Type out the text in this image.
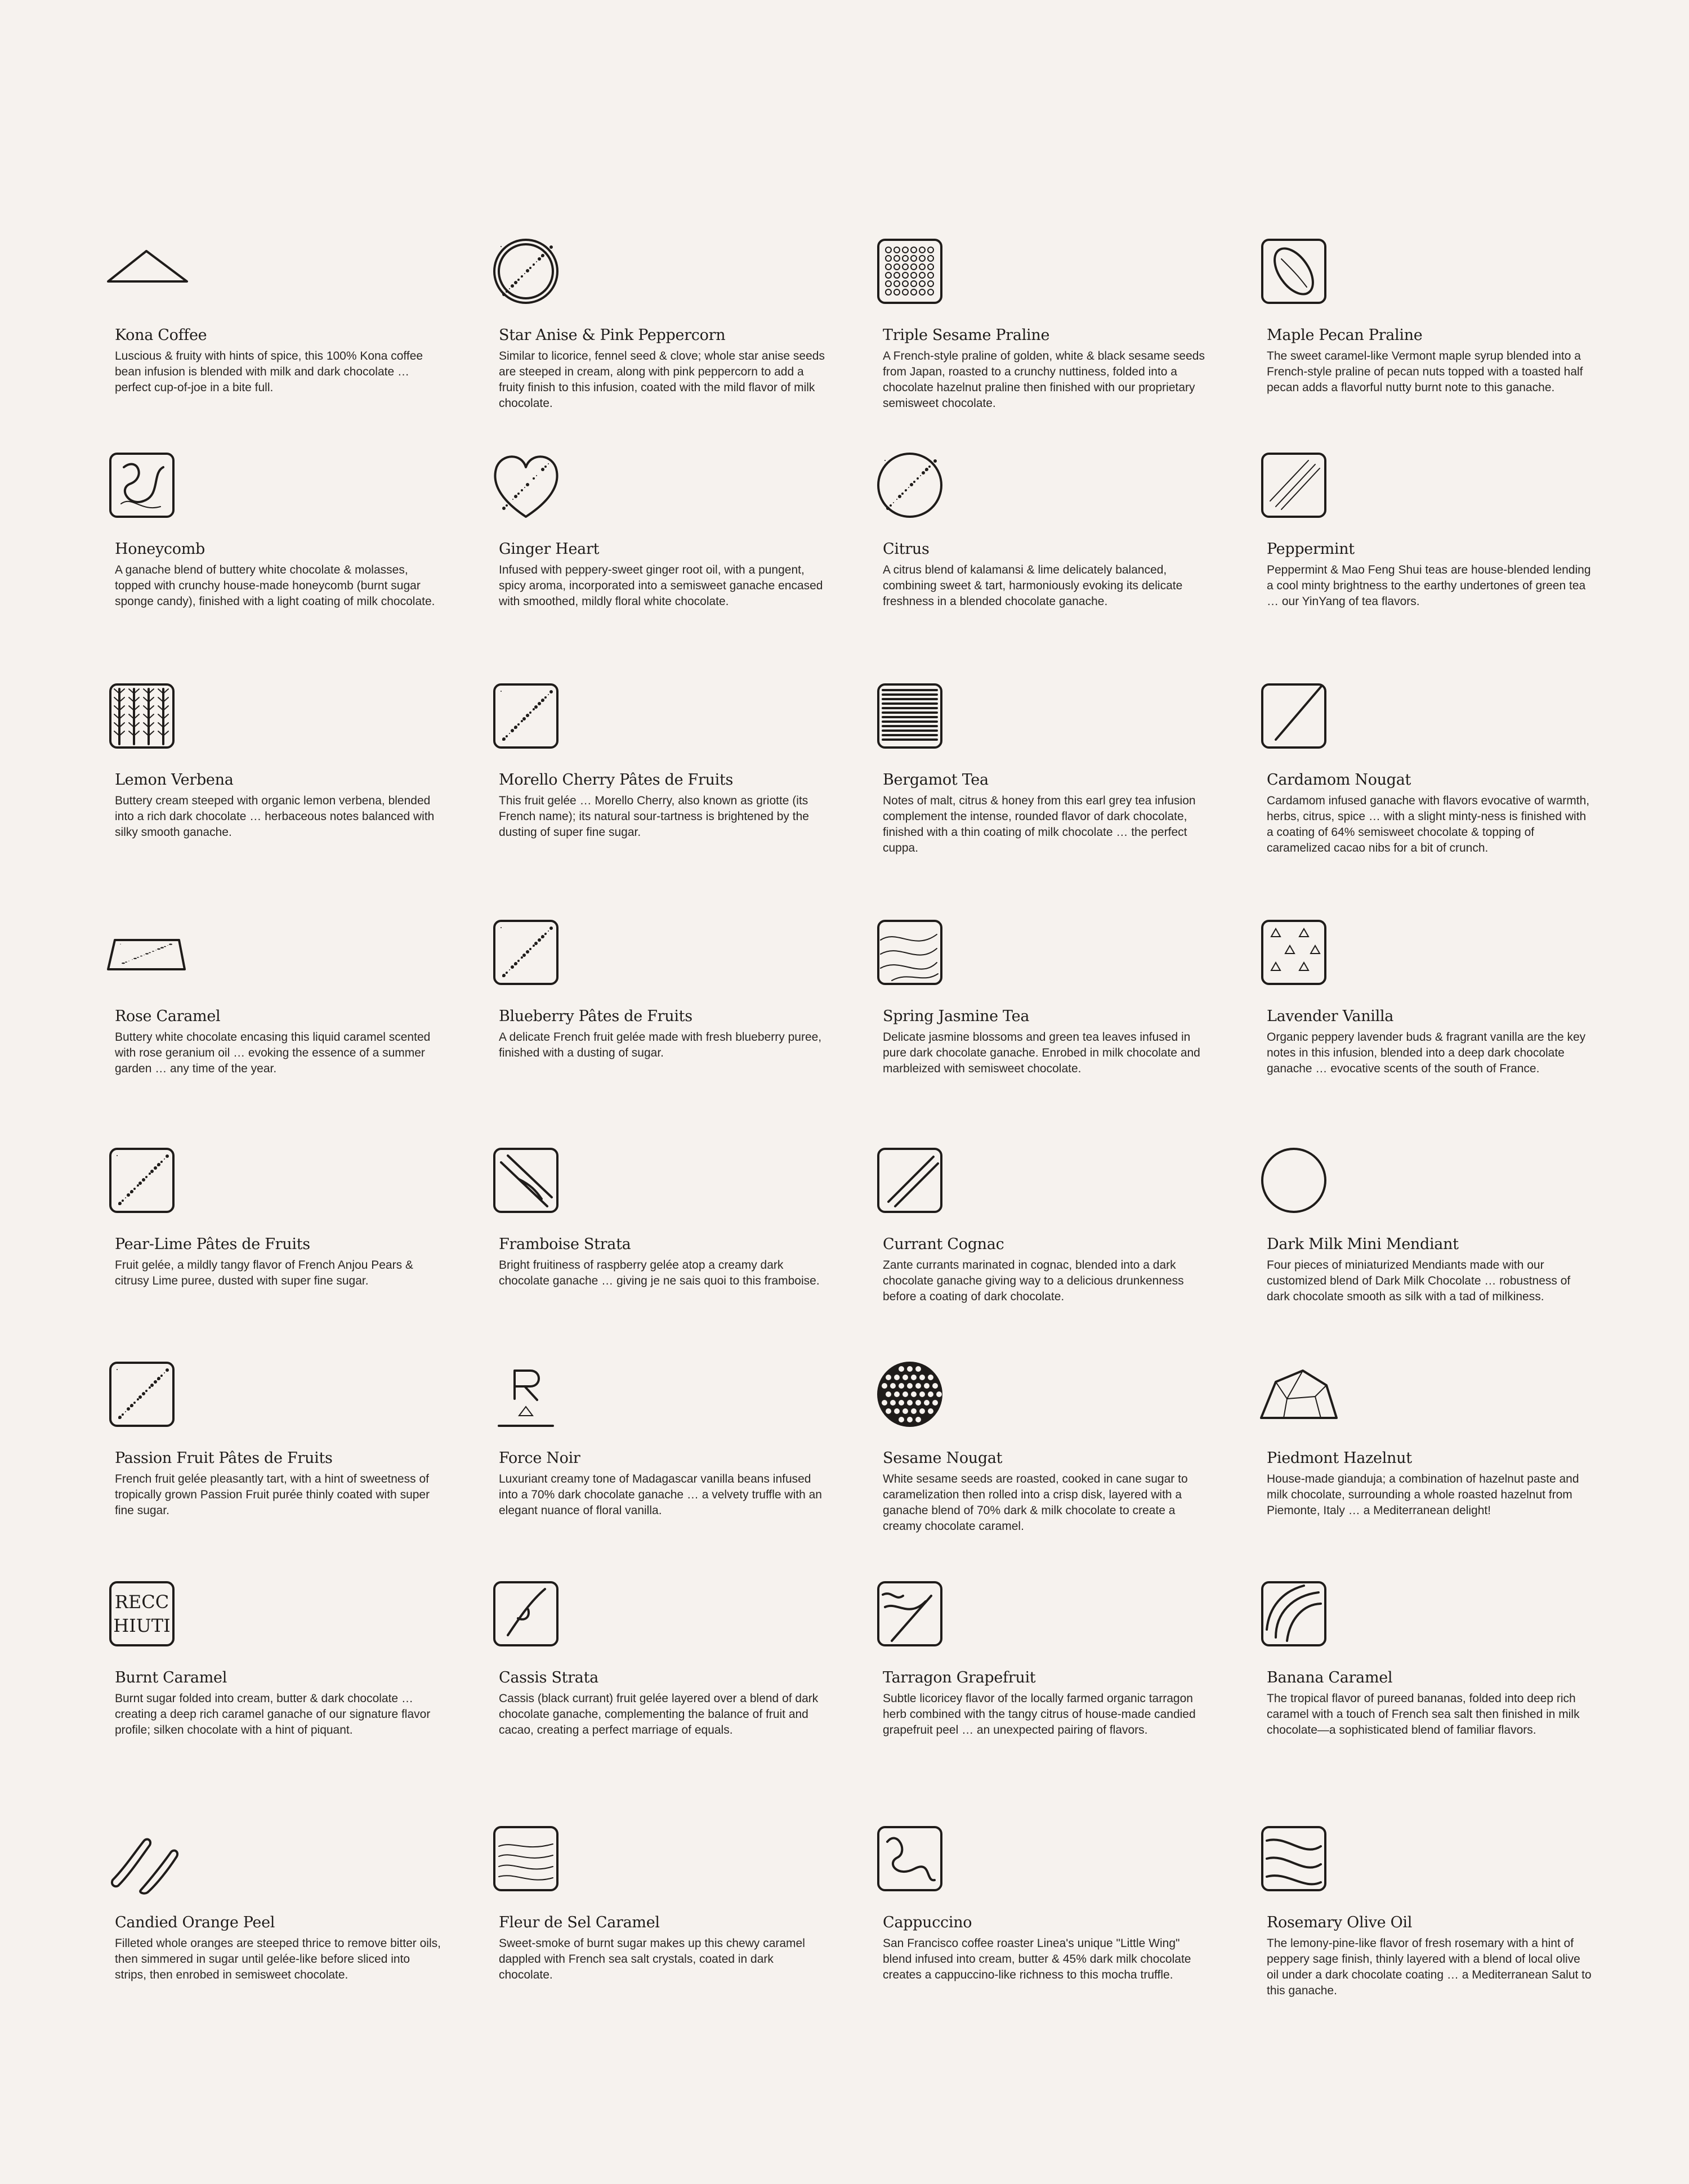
Kona Coffee
Luscious & fruity with hints of spice, this 100% Kona coffee bean infusion is blended with milk and dark chocolate … perfect cup-of-joe in a bite full.
Star Anise & Pink Peppercorn
Similar to licorice, fennel seed & clove; whole star anise seeds are steeped in cream, along with pink peppercorn to add a fruity finish to this infusion, coated with the mild flavor of milk chocolate.
Triple Sesame Praline
A French-style praline of golden, white & black sesame seeds from Japan, roasted to a crunchy nuttiness, folded into a chocolate hazelnut praline then finished with our proprietary semisweet chocolate.
Maple Pecan Praline
The sweet caramel-like Vermont maple syrup blended into a French-style praline of pecan nuts topped with a toasted half pecan adds a flavorful nutty burnt note to this ganache.
Honeycomb
A ganache blend of buttery white chocolate & molasses, topped with crunchy house-made honeycomb (burnt sugar sponge candy), finished with a light coating of milk chocolate.
Ginger Heart
Infused with peppery-sweet ginger root oil, with a pungent, spicy aroma, incorporated into a semisweet ganache encased with smoothed, mildly floral white chocolate.
Citrus
A citrus blend of kalamansi & lime delicately balanced, combining sweet & tart, harmoniously evoking its delicate freshness in a blended chocolate ganache.
Peppermint
Peppermint & Mao Feng Shui teas are house-blended lending a cool minty brightness to the earthy undertones of green tea … our YinYang of tea flavors.
Lemon Verbena
Buttery cream steeped with organic lemon verbena, blended into a rich dark chocolate … herbaceous notes balanced with silky smooth ganache.
Morello Cherry Pâtes de Fruits
This fruit gelée … Morello Cherry, also known as griotte (its French name); its natural sour-tartness is brightened by the dusting of super fine sugar.
Bergamot Tea
Notes of malt, citrus & honey from this earl grey tea infusion complement the intense, rounded flavor of dark chocolate, finished with a thin coating of milk chocolate … the perfect cuppa.
Cardamom Nougat
Cardamom infused ganache with flavors evocative of warmth, herbs, citrus, spice … with a slight minty-ness is finished with a coating of 64% semisweet chocolate & topping of caramelized cacao nibs for a bit of crunch.
Rose Caramel
Buttery white chocolate encasing this liquid caramel scented with rose geranium oil … evoking the essence of a summer garden … any time of the year.
Blueberry Pâtes de Fruits
A delicate French fruit gelée made with fresh blueberry puree, finished with a dusting of sugar.
Spring Jasmine Tea
Delicate jasmine blossoms and green tea leaves infused in pure dark chocolate ganache. Enrobed in milk chocolate and marbleized with semisweet chocolate.
Lavender Vanilla
Organic peppery lavender buds & fragrant vanilla are the key notes in this infusion, blended into a deep dark chocolate ganache … evocative scents of the south of France.
Pear-Lime Pâtes de Fruits
Fruit gelée, a mildly tangy flavor of French Anjou Pears & citrusy Lime puree, dusted with super fine sugar.
Framboise Strata
Bright fruitiness of raspberry gelée atop a creamy dark chocolate ganache … giving je ne sais quoi to this framboise.
Currant Cognac
Zante currants marinated in cognac, blended into a dark chocolate ganache giving way to a delicious drunkenness before a coating of dark chocolate.
Dark Milk Mini Mendiant
Four pieces of miniaturized Mendiants made with our customized blend of Dark Milk Chocolate … robustness of dark chocolate smooth as silk with a tad of milkiness.
Passion Fruit Pâtes de Fruits
French fruit gelée pleasantly tart, with a hint of sweetness of tropically grown Passion Fruit purée thinly coated with super fine sugar.
Force Noir
Luxuriant creamy tone of Madagascar vanilla beans infused into a 70% dark chocolate ganache … a velvety truffle with an elegant nuance of floral vanilla.
Sesame Nougat
White sesame seeds are roasted, cooked in cane sugar to caramelization then rolled into a crisp disk, layered with a ganache blend of 70% dark & milk chocolate to create a creamy chocolate caramel.
Piedmont Hazelnut
House-made gianduja; a combination of hazelnut paste and milk chocolate, surrounding a whole roasted hazelnut from Piemonte, Italy … a Mediterranean delight!
RECC
HIUTI
Burnt Caramel
Burnt sugar folded into cream, butter & dark chocolate … creating a deep rich caramel ganache of our signature flavor profile; silken chocolate with a hint of piquant.
Cassis Strata
Cassis (black currant) fruit gelée layered over a blend of dark chocolate ganache, complementing the balance of fruit and cacao, creating a perfect marriage of equals.
Tarragon Grapefruit
Subtle licoricey flavor of the locally farmed organic tarragon herb combined with the tangy citrus of house-made candied grapefruit peel … an unexpected pairing of flavors.
Banana Caramel
The tropical flavor of pureed bananas, folded into deep rich caramel with a touch of French sea salt then finished in milk chocolate—a sophisticated blend of familiar flavors.
Candied Orange Peel
Filleted whole oranges are steeped thrice to remove bitter oils, then simmered in sugar until gelée-like before sliced into strips, then enrobed in semisweet chocolate.
Fleur de Sel Caramel
Sweet-smoke of burnt sugar makes up this chewy caramel dappled with French sea salt crystals, coated in dark chocolate.
Cappuccino
San Francisco coffee roaster Linea's unique "Little Wing" blend infused into cream, butter & 45% dark milk chocolate creates a cappuccino-like richness to this mocha truffle.
Rosemary Olive Oil
The lemony-pine-like flavor of fresh rosemary with a hint of peppery sage finish, thinly layered with a blend of local olive oil under a dark chocolate coating … a Mediterranean Salut to this ganache.
